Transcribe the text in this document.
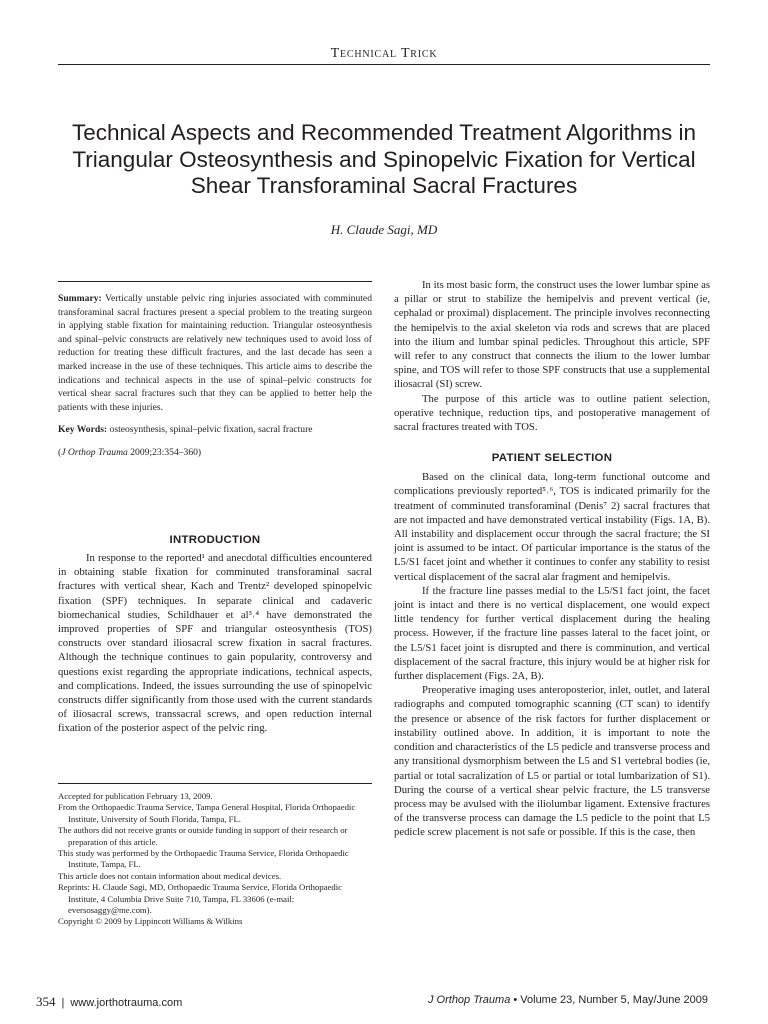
Technical Trick
Technical Aspects and Recommended Treatment Algorithms in Triangular Osteosynthesis and Spinopelvic Fixation for Vertical Shear Transforaminal Sacral Fractures
H. Claude Sagi, MD

Summary: Vertically unstable pelvic ring injuries associated with comminuted transforaminal sacral fractures present a special problem to the treating surgeon in applying stable fixation for maintaining reduction. Triangular osteosynthesis and spinal–pelvic constructs are relatively new techniques used to avoid loss of reduction for treating these difficult fractures, and the last decade has seen a marked increase in the use of these techniques. This article aims to describe the indications and technical aspects in the use of spinal–pelvic constructs for vertical shear sacral fractures such that they can be applied to better help the patients with these injuries.

Key Words: osteosynthesis, spinal–pelvic fixation, sacral fracture

(J Orthop Trauma 2009;23:354–360)

INTRODUCTION

In response to the reported¹ and anecdotal difficulties encountered in obtaining stable fixation for comminuted transforaminal sacral fractures with vertical shear, Kach and Trentz² developed spinopelvic fixation (SPF) techniques. In separate clinical and cadaveric biomechanical studies, Schildhauer et al³˒⁴ have demonstrated the improved properties of SPF and triangular osteosynthesis (TOS) constructs over standard iliosacral screw fixation in sacral fractures. Although the technique continues to gain popularity, controversy and questions exist regarding the appropriate indications, technical aspects, and complications. Indeed, the issues surrounding the use of spinopelvic constructs differ significantly from those used with the current standards of iliosacral screws, transsacral screws, and open reduction internal fixation of the posterior aspect of the pelvic ring.

Accepted for publication February 13, 2009.

From the Orthopaedic Trauma Service, Tampa General Hospital, Florida Orthopaedic Institute, University of South Florida, Tampa, FL.

The authors did not receive grants or outside funding in support of their research or preparation of this article.

This study was performed by the Orthopaedic Trauma Service, Florida Orthopaedic Institute, Tampa, FL.

This article does not contain information about medical devices.

Reprints: H. Claude Sagi, MD, Orthopaedic Trauma Service, Florida Orthopaedic Institute, 4 Columbia Drive Suite 710, Tampa, FL 33606 (e-mail: eversosaggy@me.com).

Copyright © 2009 by Lippincott Williams & Wilkins

In its most basic form, the construct uses the lower lumbar spine as a pillar or strut to stabilize the hemipelvis and prevent vertical (ie, cephalad or proximal) displacement. The principle involves reconnecting the hemipelvis to the axial skeleton via rods and screws that are placed into the ilium and lumbar spinal pedicles. Throughout this article, SPF will refer to any construct that connects the ilium to the lower lumbar spine, and TOS will refer to those SPF constructs that use a supplemental iliosacral (SI) screw.

The purpose of this article was to outline patient selection, operative technique, reduction tips, and postoperative management of sacral fractures treated with TOS.

PATIENT SELECTION

Based on the clinical data, long-term functional outcome and complications previously reported⁵˒⁶, TOS is indicated primarily for the treatment of comminuted transforaminal (Denis⁷ 2) sacral fractures that are not impacted and have demonstrated vertical instability (Figs. 1A, B). All instability and displacement occur through the sacral fracture; the SI joint is assumed to be intact. Of particular importance is the status of the L5/S1 facet joint and whether it continues to confer any stability to resist vertical displacement of the sacral alar fragment and hemipelvis.

If the fracture line passes medial to the L5/S1 fact joint, the facet joint is intact and there is no vertical displacement, one would expect little tendency for further vertical displacement during the healing process. However, if the fracture line passes lateral to the facet joint, or the L5/S1 facet joint is disrupted and there is comminution, and vertical displacement of the sacral fracture, this injury would be at higher risk for further displacement (Figs. 2A, B).

Preoperative imaging uses anteroposterior, inlet, outlet, and lateral radiographs and computed tomographic scanning (CT scan) to identify the presence or absence of the risk factors for further displacement or instability outlined above. In addition, it is important to note the condition and characteristics of the L5 pedicle and transverse process and any transitional dysmorphism between the L5 and S1 vertebral bodies (ie, partial or total sacralization of L5 or partial or total lumbarization of S1). During the course of a vertical shear pelvic fracture, the L5 transverse process may be avulsed with the iliolumbar ligament. Extensive fractures of the transverse process can damage the L5 pedicle to the point that L5 pedicle screw placement is not safe or possible. If this is the case, then

354 | www.jorthotrauma.com	J Orthop Trauma • Volume 23, Number 5, May/June 2009
